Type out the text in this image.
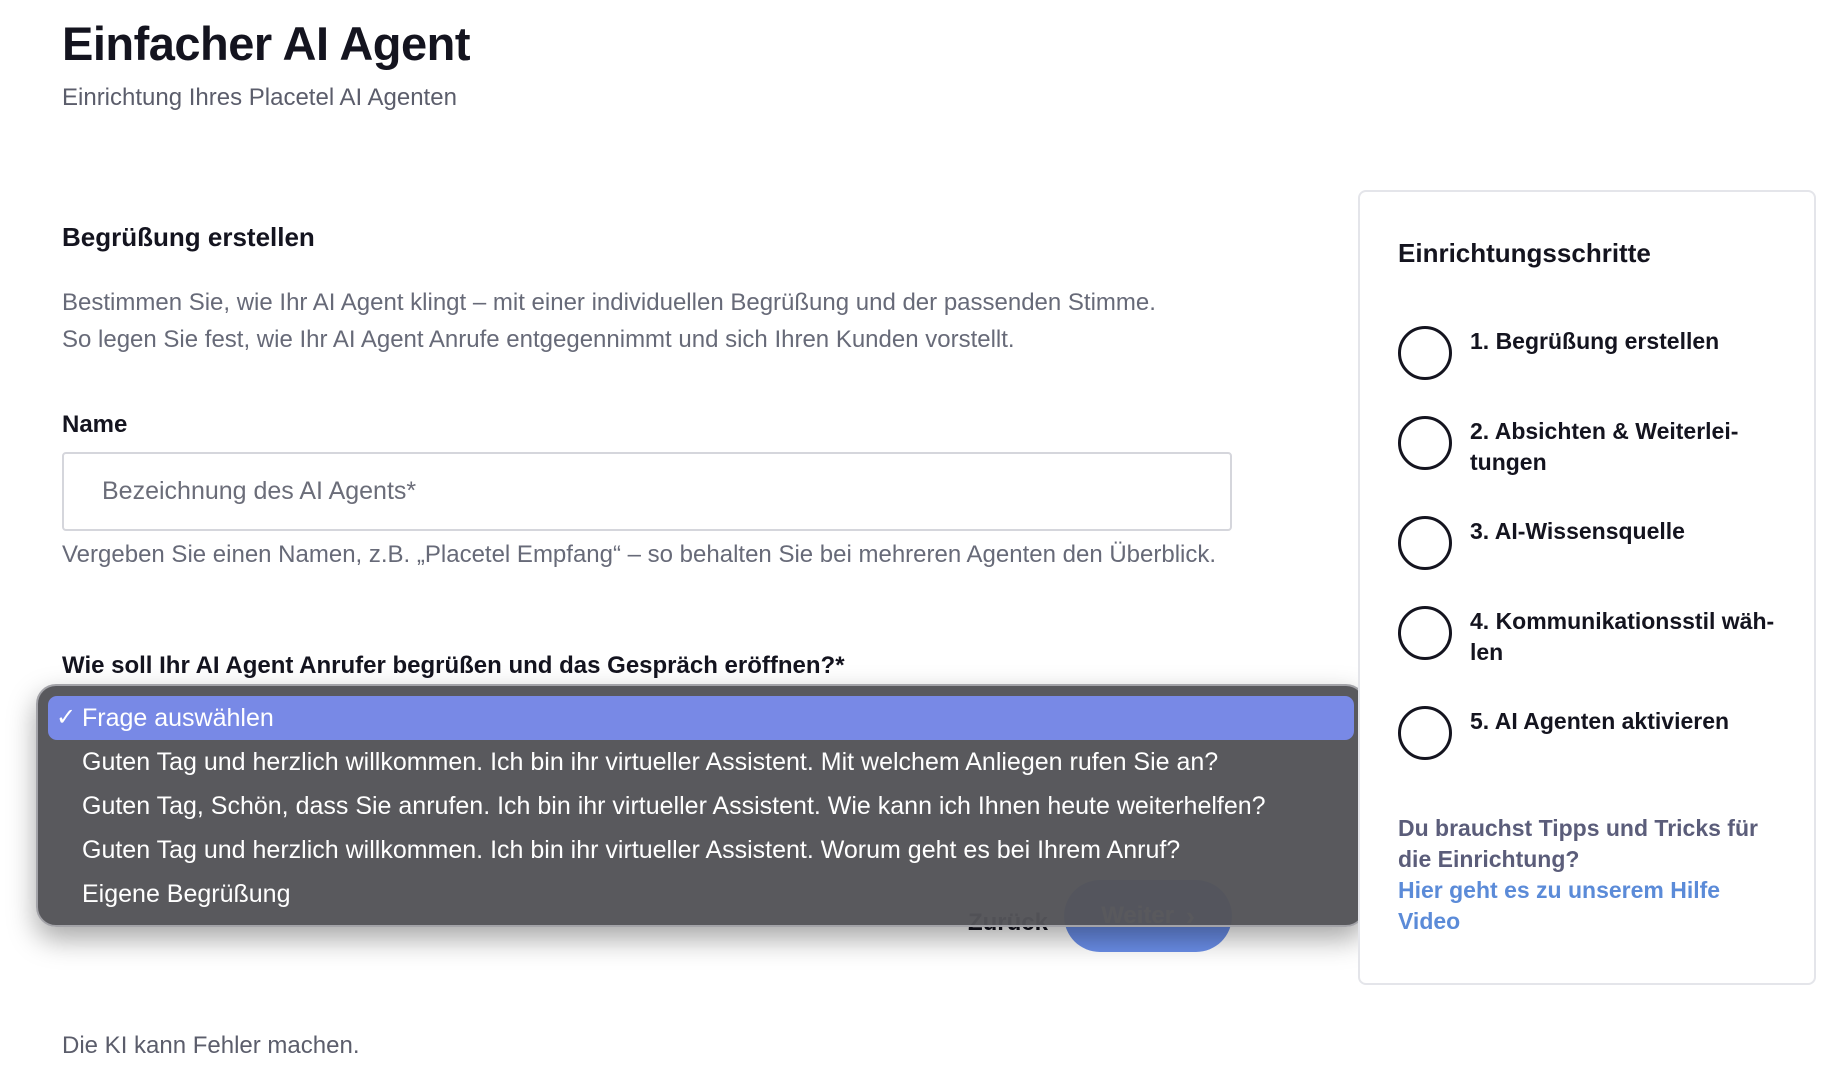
Einfacher AI Agent
Einrichtung Ihres Placetel AI Agenten
Begrüßung erstellen
Bestimmen Sie, wie Ihr AI Agent klingt – mit einer individuellen Begrüßung und der passenden Stimme.
So legen Sie fest, wie Ihr AI Agent Anrufe entgegennimmt und sich Ihren Kunden vorstellt.
Name
Bezeichnung des AI Agents*
Vergeben Sie einen Namen, z.B. „Placetel Empfang“ – so behalten Sie bei mehreren Agenten den Überblick.
Wie soll Ihr AI Agent Anrufer begrüßen und das Gespräch eröffnen?*
Die KI kann Fehler machen.
✓ Frage auswählen
Guten Tag und herzlich willkommen. Ich bin ihr virtueller Assistent. Mit welchem Anliegen rufen Sie an?
Guten Tag, Schön, dass Sie anrufen. Ich bin ihr virtueller Assistent. Wie kann ich Ihnen heute weiterhelfen?
Guten Tag und herzlich willkommen. Ich bin ihr virtueller Assistent. Worum geht es bei Ihrem Anruf?
Eigene Begrüßung
Einrichtungsschritte
1. Begrüßung erstellen
2. Absichten & Weiterleitungen
3. AI-Wissensquelle
4. Kommunikationsstil wählen
5. AI Agenten aktivieren
Du brauchst Tipps und Tricks für die Einrichtung?
Hier geht es zu unserem Hilfe Video
